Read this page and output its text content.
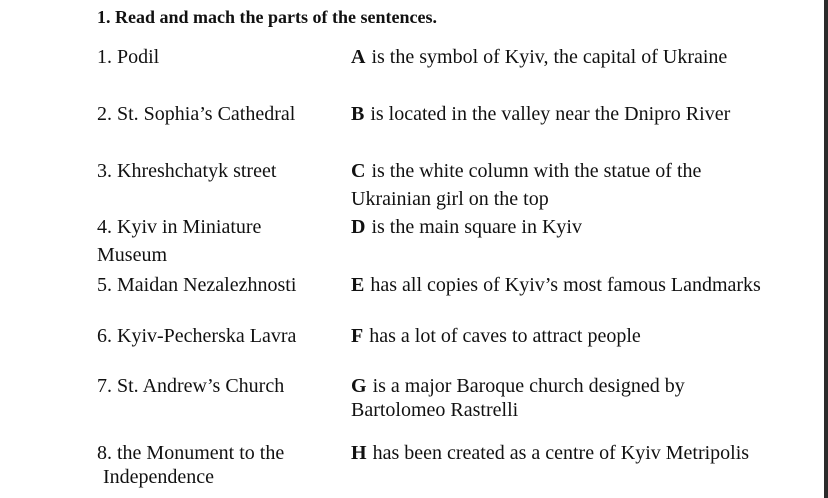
1. Read and mach the parts of the sentences.
1. Podil
2. St. Sophia’s Cathedral
3. Khreshchatyk street
4. Kyiv in Miniature
Museum
5. Maidan Nezalezhnosti
6. Kyiv-Pecherska Lavra
7. St. Andrew’s Church
8. the Monument to the
Independence
A is the symbol of Kyiv, the capital of Ukraine
B is located in the valley near the Dnipro River
C is the white column with the statue of the Ukrainian girl on the top
D is the main square in Kyiv
E has all copies of Kyiv’s most famous Landmarks
F has a lot of caves to attract people
G is a major Baroque church designed by Bartolomeo Rastrelli
H has been created as a centre of Kyiv Metripolis
